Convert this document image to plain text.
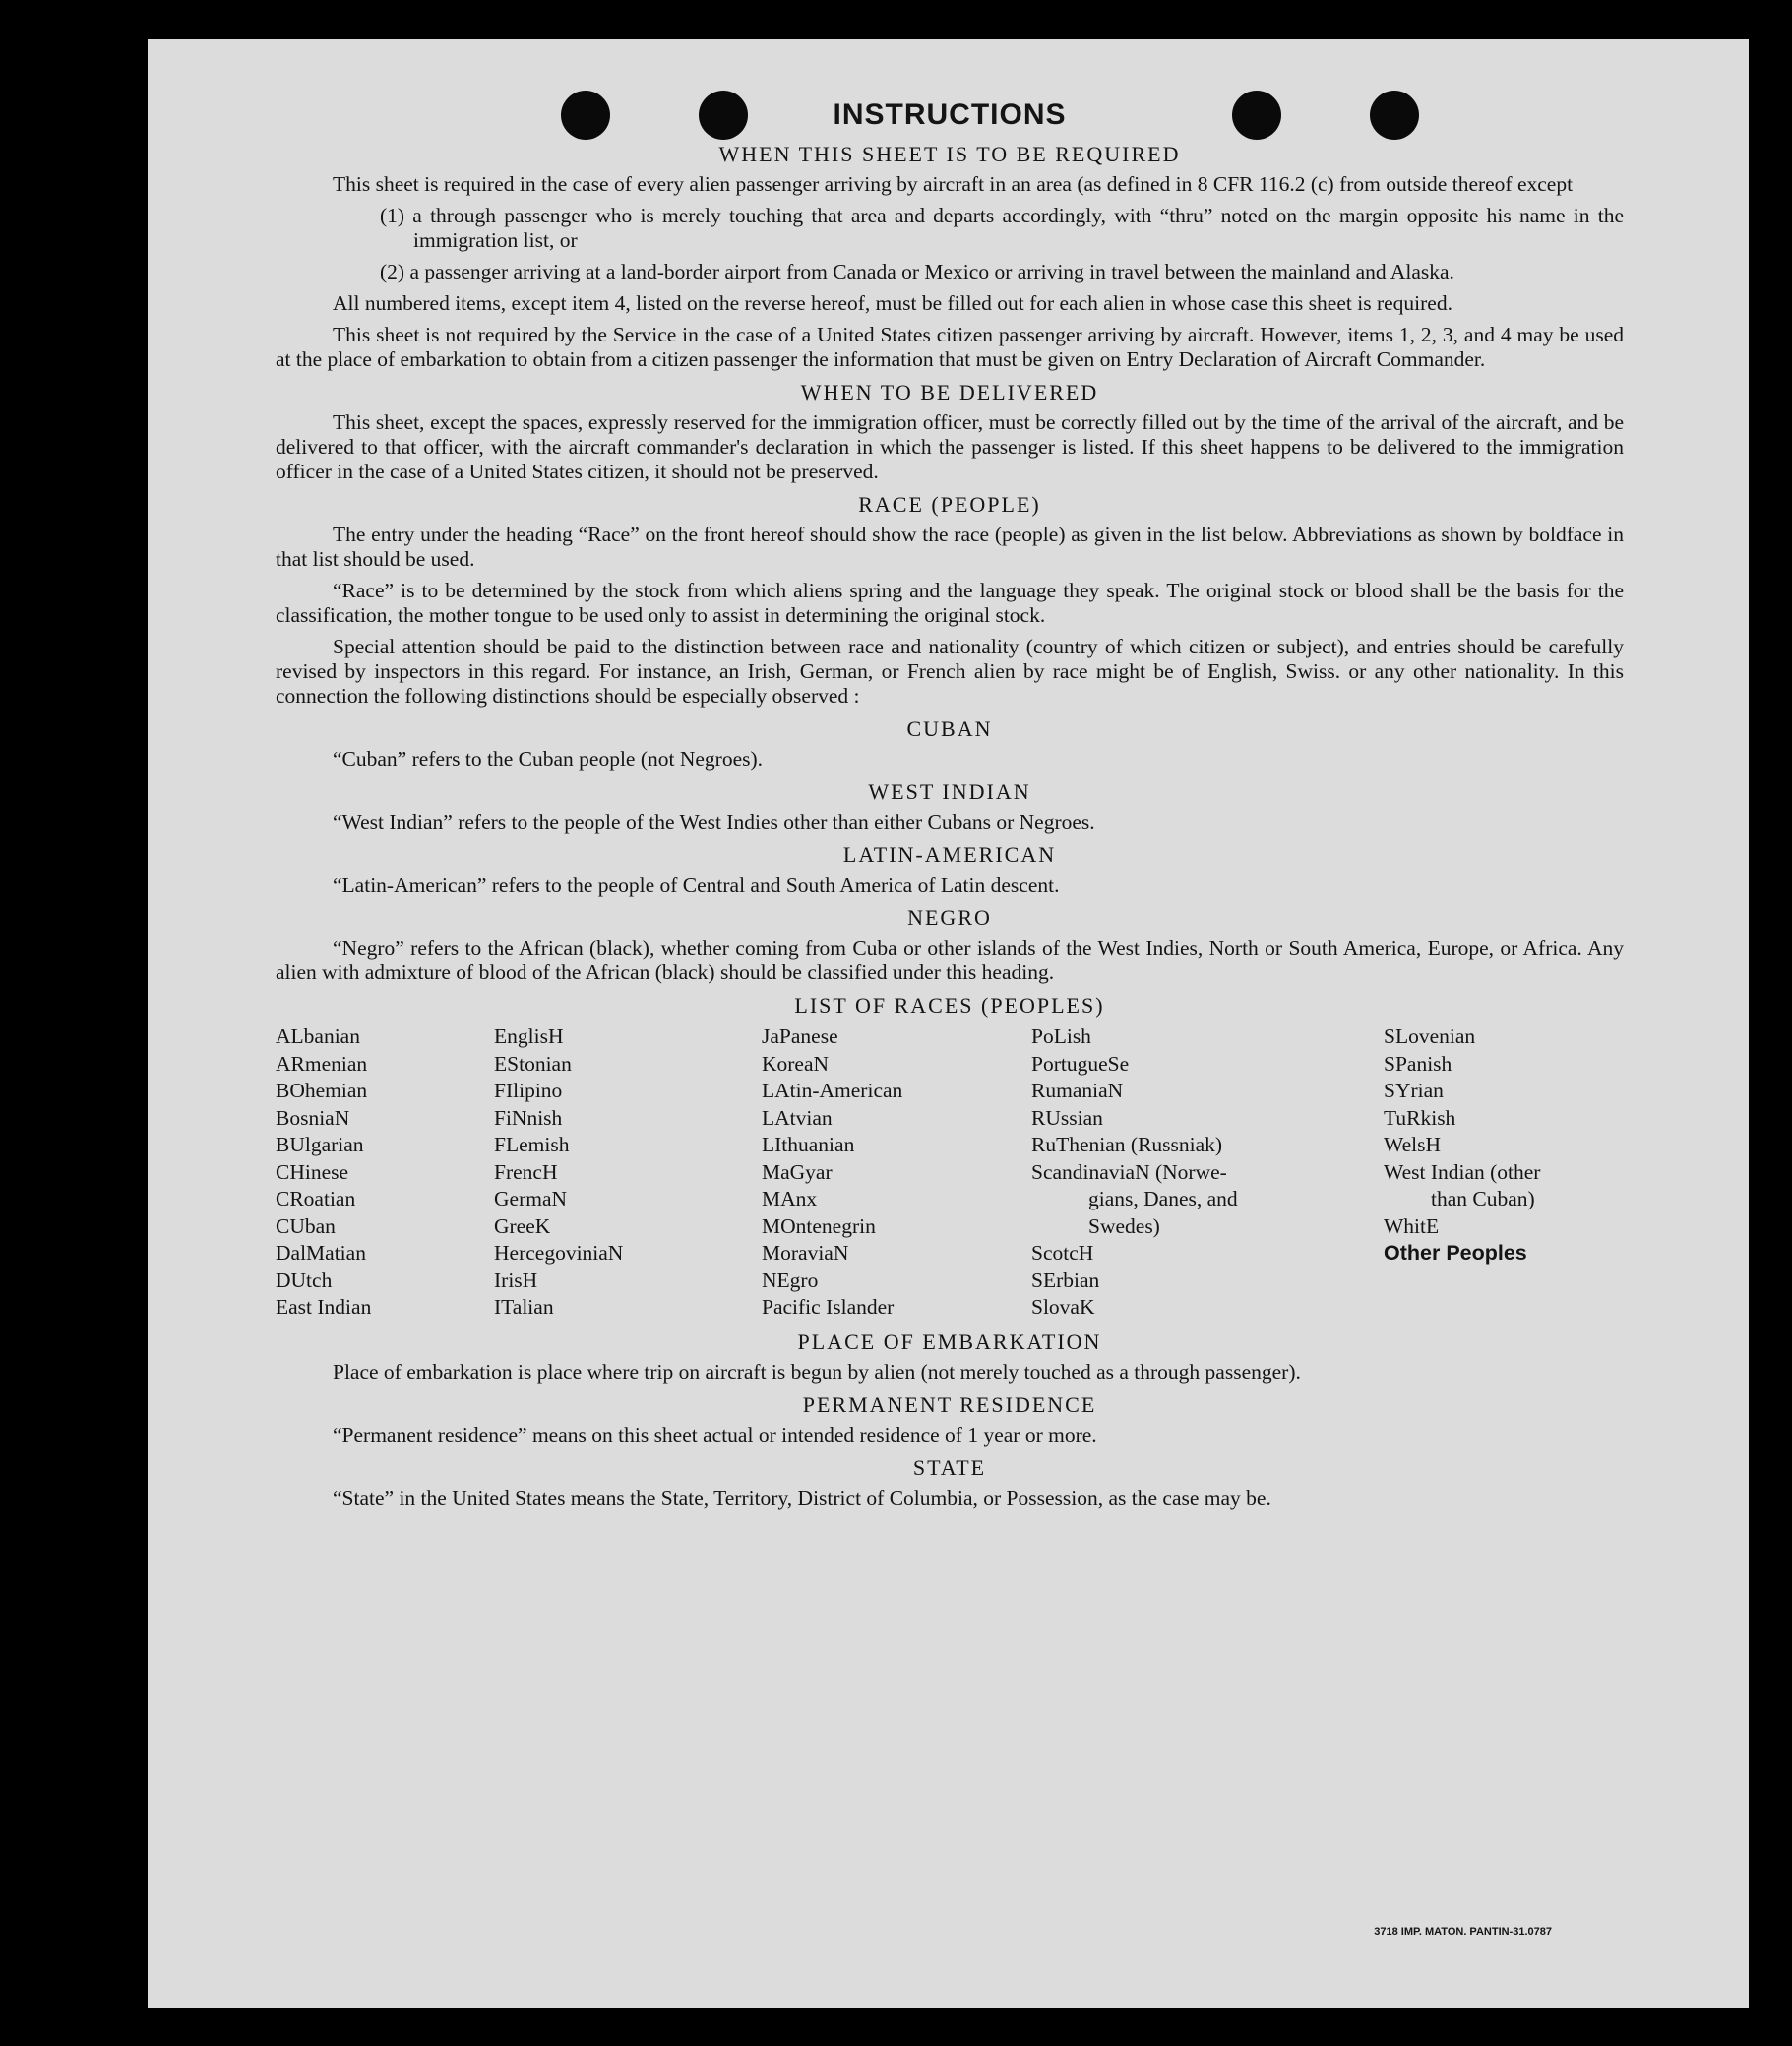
INSTRUCTIONS
WHEN THIS SHEET IS TO BE REQUIRED

This sheet is required in the case of every alien passenger arriving by aircraft in an area (as defined in 8 CFR 116.2 (c) from outside thereof except

(1) a through passenger who is merely touching that area and departs accordingly, with “thru” noted on the margin opposite his name in the immigration list, or

(2) a passenger arriving at a land-border airport from Canada or Mexico or arriving in travel between the mainland and Alaska.

All numbered items, except item 4, listed on the reverse hereof, must be filled out for each alien in whose case this sheet is required.

This sheet is not required by the Service in the case of a United States citizen passenger arriving by aircraft. However, items 1, 2, 3, and 4 may be used at the place of embarkation to obtain from a citizen passenger the information that must be given on Entry Declaration of Aircraft Commander.

WHEN TO BE DELIVERED

This sheet, except the spaces, expressly reserved for the immigration officer, must be correctly filled out by the time of the arrival of the aircraft, and be delivered to that officer, with the aircraft commander's declaration in which the passenger is listed. If this sheet happens to be delivered to the immigration officer in the case of a United States citizen, it should not be preserved.

RACE (PEOPLE)

The entry under the heading “Race” on the front hereof should show the race (people) as given in the list below. Abbreviations as shown by boldface in that list should be used.

“Race” is to be determined by the stock from which aliens spring and the language they speak. The original stock or blood shall be the basis for the classification, the mother tongue to be used only to assist in determining the original stock.

Special attention should be paid to the distinction between race and nationality (country of which citizen or subject), and entries should be carefully revised by inspectors in this regard. For instance, an Irish, German, or French alien by race might be of English, Swiss. or any other nationality. In this connection the following distinctions should be especially observed :

CUBAN

“Cuban” refers to the Cuban people (not Negroes).

WEST INDIAN

“West Indian” refers to the people of the West Indies other than either Cubans or Negroes.

LATIN-AMERICAN

“Latin-American” refers to the people of Central and South America of Latin descent.

NEGRO

“Negro” refers to the African (black), whether coming from Cuba or other islands of the West Indies, North or South America, Europe, or Africa. Any alien with admixture of blood of the African (black) should be classified under this heading.

LIST OF RACES (PEOPLES)
ALbanian
ARmenian
BOhemian
BosniaN
BUlgarian
CHinese
CRoatian
CUban
DalMatian
DUtch
East Indian
EnglisH
EStonian
FIlipino
FiNnish
FLemish
FrencH
GermaN
GreeK
HercegoviniaN
IrisH
ITalian
JaPanese
KoreaN
LAtin-American
LAtvian
LIthuanian
MaGyar
MAnx
MOntenegrin
MoraviaN
NEgro
Pacific Islander
PoLish
PortugueSe
RumaniaN
RUssian
RuThenian (Russniak)
ScandinaviaN (Norwe-
gians, Danes, and
Swedes)
ScotcH
SErbian
SlovaK
SLovenian
SPanish
SYrian
TuRkish
WelsH
West Indian (other
than Cuban)
WhitE
Other Peoples
PLACE OF EMBARKATION

Place of embarkation is place where trip on aircraft is begun by alien (not merely touched as a through passenger).

PERMANENT RESIDENCE

“Permanent residence” means on this sheet actual or intended residence of 1 year or more.

STATE

“State” in the United States means the State, Territory, District of Columbia, or Possession, as the case may be.

3718 IMP. MATON. PANTIN-31.0787
